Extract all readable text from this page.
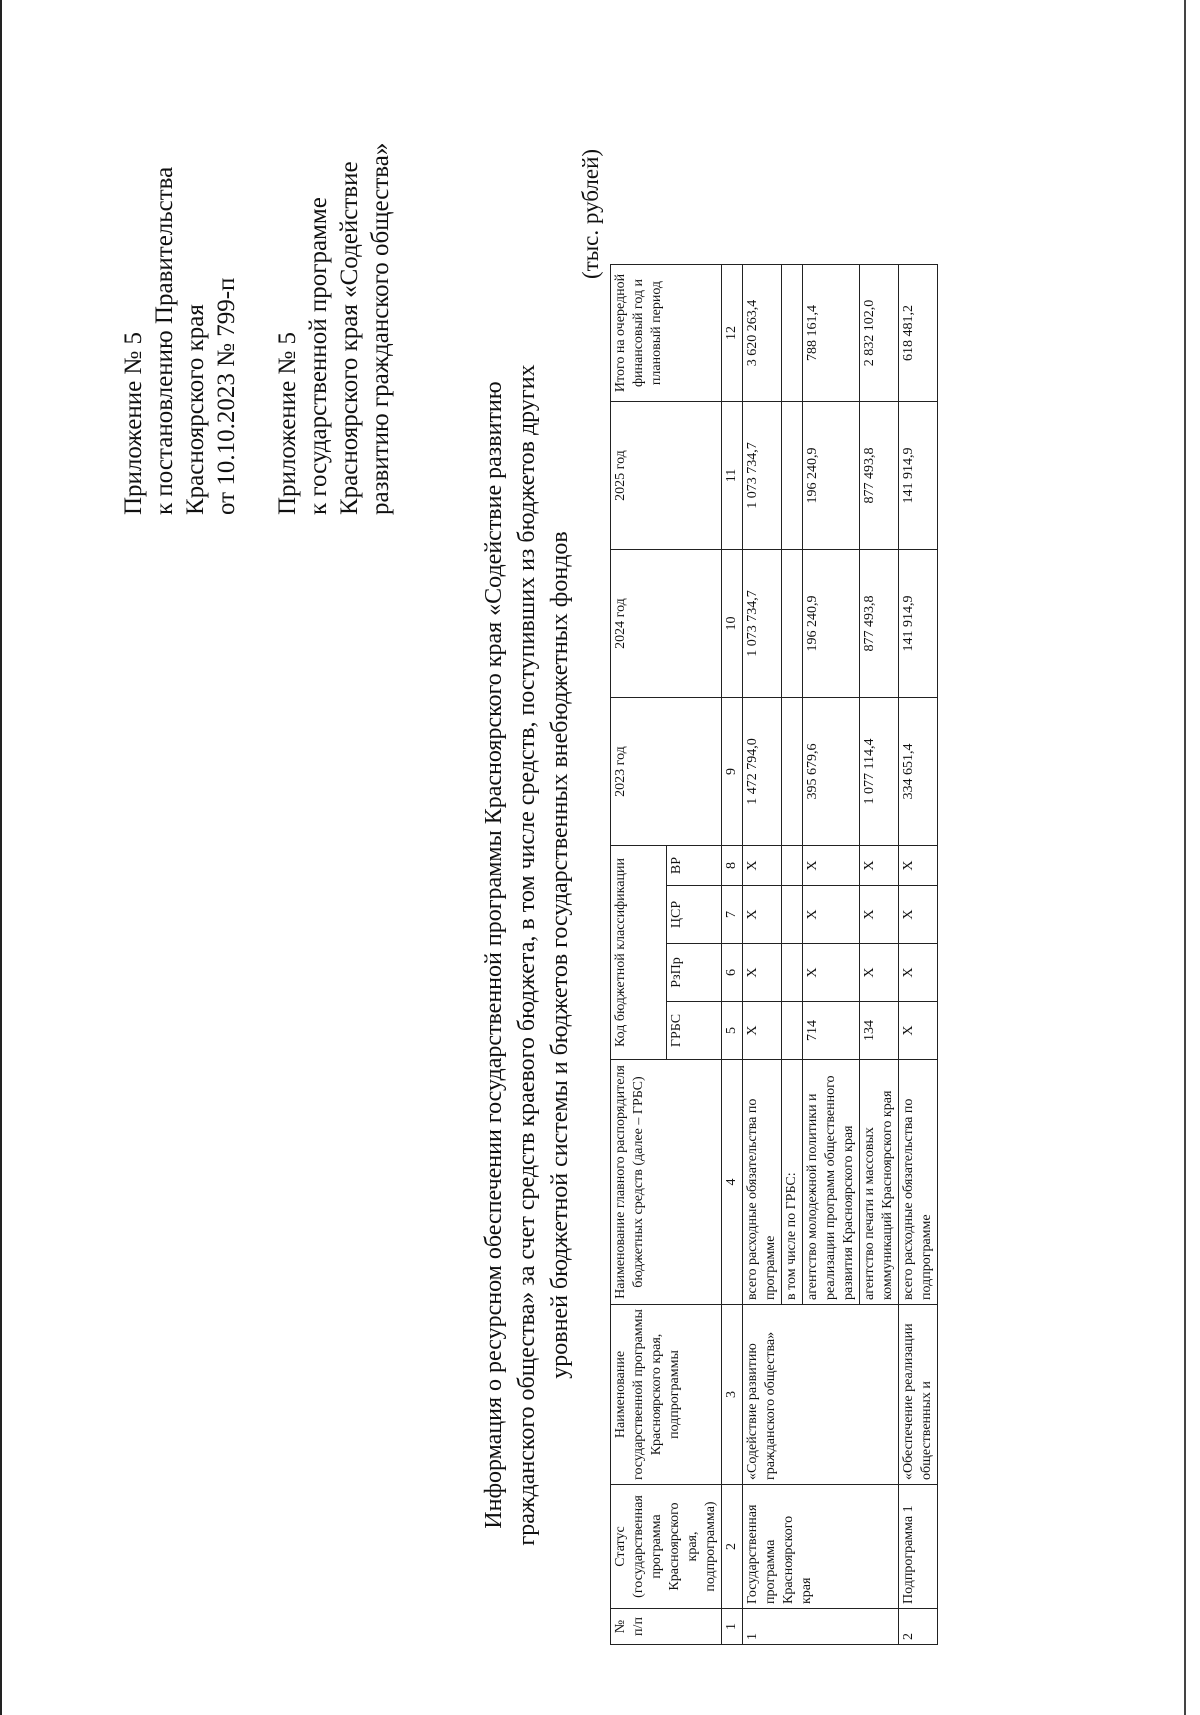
Приложение № 5 к постановлению Правительства Красноярского края от 10.10.2023 № 799-п Приложение № 5 к государственной программе Красноярского края «Содействие развитию гражданского общества»
Информация о ресурсном обеспечении государственной программы Красноярского края «Содействие развитию гражданского общества» за счет средств краевого бюджета, в том числе средств, поступивших из бюджетов других уровней бюджетной системы и бюджетов государственных внебюджетных фондов
(тыс. рублей)
№ п/п	Статус (государственная программа Красноярского края, подпрограмма)	Наименование государственной программы Красноярского края, подпрограммы	Наименование главного распорядителя бюджетных средств (далее – ГРБС)	Код бюджетной классификации				2023 год	2024 год	2025 год	Итого на очередной финансовый год и плановый период
				ГРБС	РзПр	ЦСР	ВР				
1	2	3	4	5	6	7	8	9	10	11	12
1	Государственная программа Красноярского края	«Содействие развитию гражданского общества»	всего расходные обязательства по программе	Х	Х	Х	Х	1 472 794,0	1 073 734,7	1 073 734,7	3 620 263,4
			в том числе по ГРБС:								
			агентство молодежной политики и реализации программ общественного развития Красноярского края	714	Х	Х	Х	395 679,6	196 240,9	196 240,9	788 161,4
			агентство печати и массовых коммуникаций Красноярского края	134	Х	Х	Х	1 077 114,4	877 493,8	877 493,8	2 832 102,0
2	Подпрограмма 1	«Обеспечение реализации общественных и	всего расходные обязательства по подпрограмме	Х	Х	Х	Х	334 651,4	141 914,9	141 914,9	618 481,2
